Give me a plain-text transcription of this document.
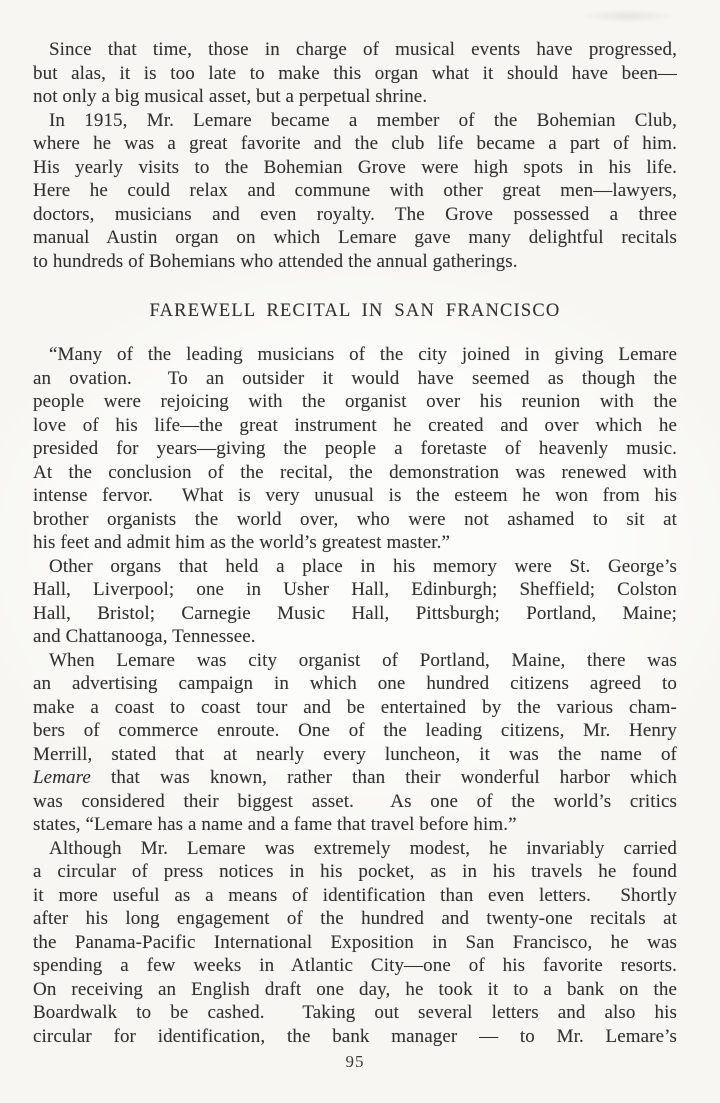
Since that time, those in charge of musical events have progressed,
but alas, it is too late to make this organ what it should have been—
not only a big musical asset, but a perpetual shrine.
In 1915, Mr. Lemare became a member of the Bohemian Club,
where he was a great favorite and the club life became a part of him.
His yearly visits to the Bohemian Grove were high spots in his life.
Here he could relax and commune with other great men—lawyers,
doctors, musicians and even royalty. The Grove possessed a three
manual Austin organ on which Lemare gave many delightful recitals
to hundreds of Bohemians who attended the annual gatherings.
FAREWELL RECITAL IN SAN FRANCISCO
“Many of the leading musicians of the city joined in giving Lemare
an ovation.  To an outsider it would have seemed as though the
people were rejoicing with the organist over his reunion with the
love of his life—the great instrument he created and over which he
presided for years—giving the people a foretaste of heavenly music.
At the conclusion of the recital, the demonstration was renewed with
intense fervor.  What is very unusual is the esteem he won from his
brother organists the world over, who were not ashamed to sit at
his feet and admit him as the world’s greatest master.”
Other organs that held a place in his memory were St. George’s
Hall, Liverpool; one in Usher Hall, Edinburgh; Sheffield; Colston
Hall, Bristol; Carnegie Music Hall, Pittsburgh; Portland, Maine;
and Chattanooga, Tennessee.
When Lemare was city organist of Portland, Maine, there was
an advertising campaign in which one hundred citizens agreed to
make a coast to coast tour and be entertained by the various cham-
bers of commerce enroute. One of the leading citizens, Mr. Henry
Merrill, stated that at nearly every luncheon, it was the name of
Lemare that was known, rather than their wonderful harbor which
was considered their biggest asset.  As one of the world’s critics
states, “Lemare has a name and a fame that travel before him.”
Although Mr. Lemare was extremely modest, he invariably carried
a circular of press notices in his pocket, as in his travels he found
it more useful as a means of identification than even letters.  Shortly
after his long engagement of the hundred and twenty-one recitals at
the Panama-Pacific International Exposition in San Francisco, he was
spending a few weeks in Atlantic City—one of his favorite resorts.
On receiving an English draft one day, he took it to a bank on the
Boardwalk to be cashed.  Taking out several letters and also his
circular for identification, the bank manager — to Mr. Lemare’s
95
